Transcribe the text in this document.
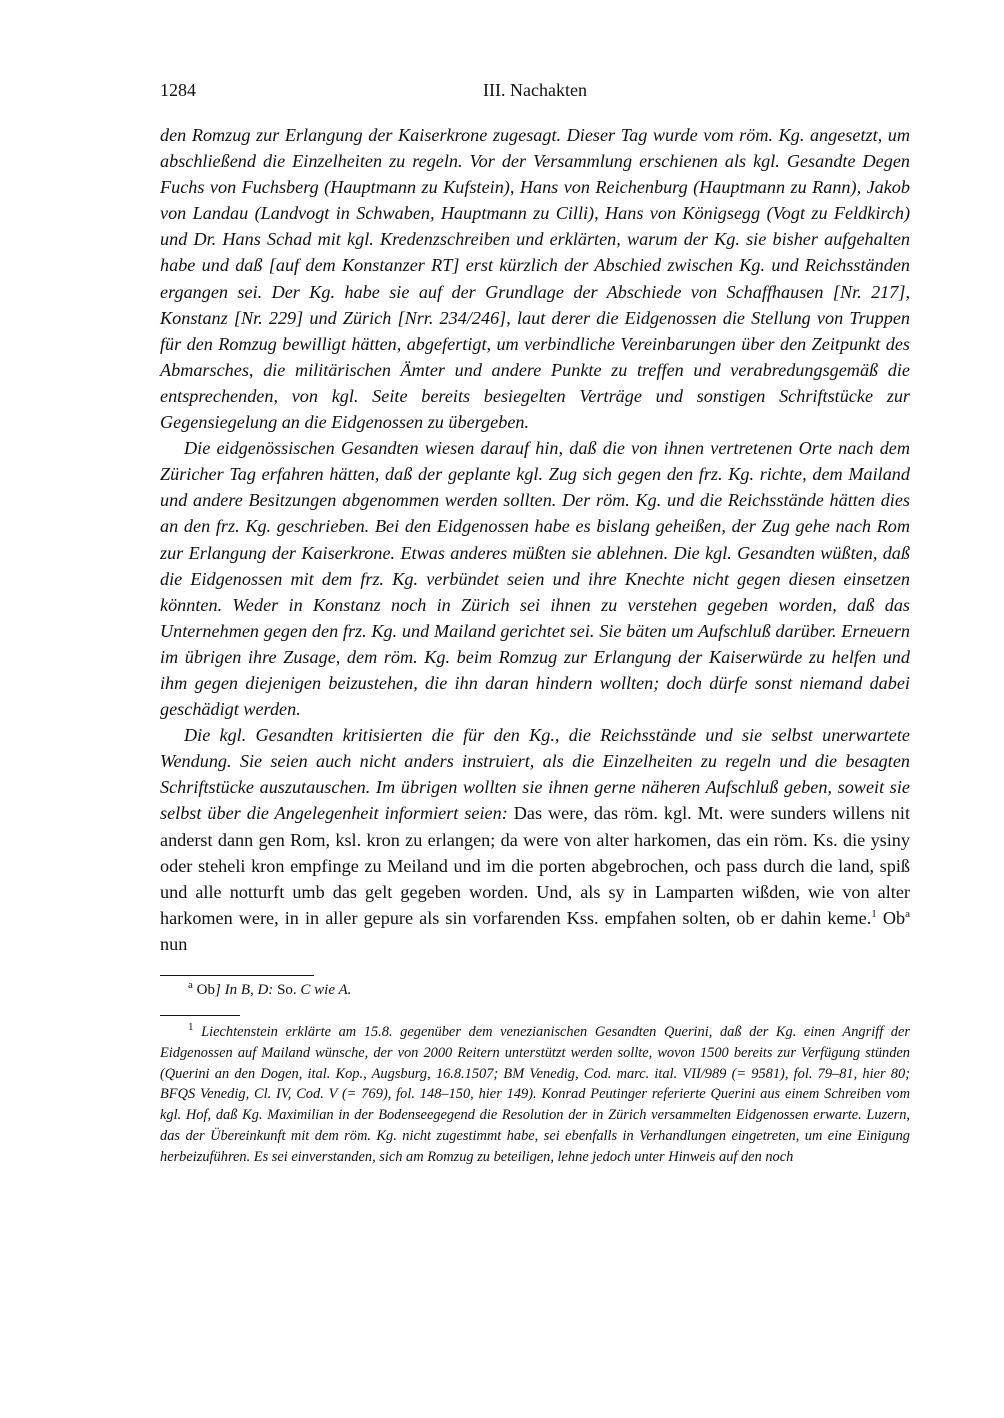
1284	III. Nachakten

den Romzug zur Erlangung der Kaiserkrone zugesagt. Dieser Tag wurde vom röm. Kg. angesetzt, um abschließend die Einzelheiten zu regeln. Vor der Versammlung erschienen als kgl. Gesandte Degen Fuchs von Fuchsberg (Hauptmann zu Kufstein), Hans von Reichenburg (Hauptmann zu Rann), Jakob von Landau (Landvogt in Schwaben, Hauptmann zu Cilli), Hans von Königsegg (Vogt zu Feldkirch) und Dr. Hans Schad mit kgl. Kredenzschreiben und erklärten, warum der Kg. sie bisher aufgehalten habe und daß [auf dem Konstanzer RT] erst kürzlich der Abschied zwischen Kg. und Reichsständen ergangen sei. Der Kg. habe sie auf der Grundlage der Abschiede von Schaffhausen [Nr. 217], Konstanz [Nr. 229] und Zürich [Nrr. 234/246], laut derer die Eidgenossen die Stellung von Truppen für den Romzug bewilligt hätten, abgefertigt, um verbindliche Vereinbarungen über den Zeitpunkt des Abmarsches, die militärischen Ämter und andere Punkte zu treffen und verabredungsgemäß die entsprechenden, von kgl. Seite bereits besiegelten Verträge und sonstigen Schriftstücke zur Gegensiegelung an die Eidgenossen zu übergeben.

Die eidgenössischen Gesandten wiesen darauf hin, daß die von ihnen vertretenen Orte nach dem Züricher Tag erfahren hätten, daß der geplante kgl. Zug sich gegen den frz. Kg. richte, dem Mailand und andere Besitzungen abgenommen werden sollten. Der röm. Kg. und die Reichsstände hätten dies an den frz. Kg. geschrieben. Bei den Eidgenossen habe es bislang geheißen, der Zug gehe nach Rom zur Erlangung der Kaiserkrone. Etwas anderes müßten sie ablehnen. Die kgl. Gesandten wüßten, daß die Eidgenossen mit dem frz. Kg. verbündet seien und ihre Knechte nicht gegen diesen einsetzen könnten. Weder in Konstanz noch in Zürich sei ihnen zu verstehen gegeben worden, daß das Unternehmen gegen den frz. Kg. und Mailand gerichtet sei. Sie bäten um Aufschluß darüber. Erneuern im übrigen ihre Zusage, dem röm. Kg. beim Romzug zur Erlangung der Kaiserwürde zu helfen und ihm gegen diejenigen beizustehen, die ihn daran hindern wollten; doch dürfe sonst niemand dabei geschädigt werden.

Die kgl. Gesandten kritisierten die für den Kg., die Reichsstände und sie selbst unerwartete Wendung. Sie seien auch nicht anders instruiert, als die Einzelheiten zu regeln und die besagten Schriftstücke auszutauschen. Im übrigen wollten sie ihnen gerne näheren Aufschluß geben, soweit sie selbst über die Angelegenheit informiert seien: Das were, das röm. kgl. Mt. were sunders willens nit anderst dann gen Rom, ksl. kron zu erlangen; da were von alter harkomen, das ein röm. Ks. die ysiny oder steheli kron empfinge zu Meiland und im die porten abgebrochen, och pass durch die land, spiß und alle notturft umb das gelt gegeben worden. Und, als sy in Lamparten wißden, wie von alter harkomen were, in in aller gepure als sin vorfarenden Kss. empfahen solten, ob er dahin keme.$^1$ Ob$^a$ nun

$^a$ Ob] In B, D: So. C wie A.
$^1$ Liechtenstein erklärte am 15.8. gegenüber dem venezianischen Gesandten Querini, daß der Kg. einen Angriff der Eidgenossen auf Mailand wünsche, der von 2000 Reitern unterstützt werden sollte, wovon 1500 bereits zur Verfügung stünden (Querini an den Dogen, ital. Kop., Augsburg, 16.8.1507; BM Venedig, Cod. marc. ital. VII/989 (= 9581), fol. 79–81, hier 80; BFQS Venedig, Cl. IV, Cod. V (= 769), fol. 148–150, hier 149). Konrad Peutinger referierte Querini aus einem Schreiben vom kgl. Hof, daß Kg. Maximilian in der Bodenseegegend die Resolution der in Zürich versammelten Eidgenossen erwarte. Luzern, das der Übereinkunft mit dem röm. Kg. nicht zugestimmt habe, sei ebenfalls in Verhandlungen eingetreten, um eine Einigung herbeizuführen. Es sei einverstanden, sich am Romzug zu beteiligen, lehne jedoch unter Hinweis auf den noch
